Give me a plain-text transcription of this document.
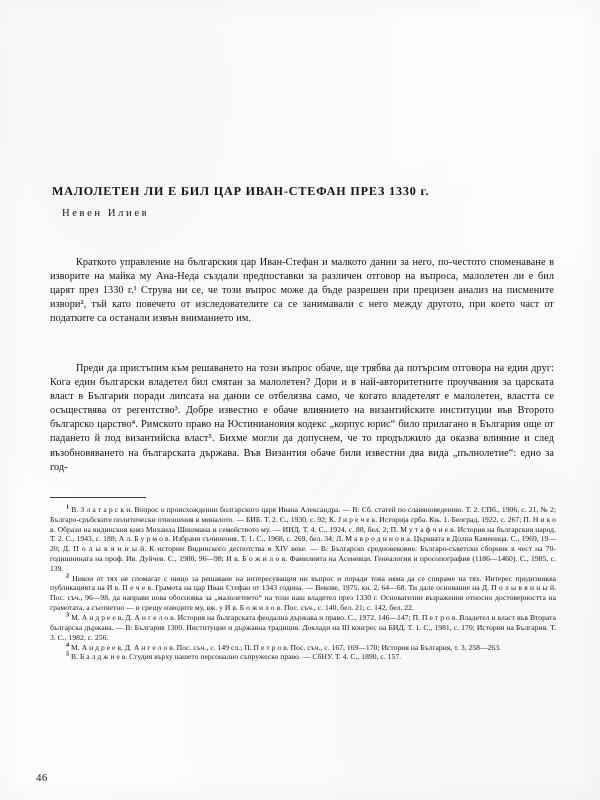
МАЛОЛЕТЕН ЛИ Е БИЛ ЦАР ИВАН-СТЕФАН ПРЕЗ 1330 г.
Невен Илиев

Краткото управление на българския цар Иван-Стефан и малкото данни за него, по-честото споменаване в изворите на майка му Ана-Неда създали предпоставки за различен отговор на въпроса, малолетен ли е бил царят през 1330 г.¹ Струва ни се, че този въпрос може да бъде разрешен при прецизен анализ на писмените извори², тъй като повечето от изследователите са се занимавали с него между другото, при което част от податките са останали извън вниманието им.

Преди да пристъпим към решаването на този въпрос обаче, ще трябва да потърсим отговора на един друг: Кога един български владетел бил смятан за малолетен? Дори и в най-авторитетните проучвания за царската власт в България поради липсата на данни се отбелязва само, че когато владетелят е малолетен, властта се осъществява от регентство³. Добре известно е обаче влиянието на византийските институции във Второто българско царство⁴. Римското право на Юстиниановия кодекс „корпус юрис“ било прилагано в България още от падането й под византийска власт⁵. Бихме могли да допуснем, че то продължило да оказва влияние и след възобновяването на българската държава. Във Византия обаче били известни два вида „пълнолетие“: едно за год-

$^1$ В. З л а т а р с к и. Вопрос о происхождении болгарского царя Ивана Александра. — В: Сб. статей по славяноведению. Т. 2. СПб., 1906, с. 21, № 2; Българо-сръбските политически отношения в миналото. — БИБ. Т. 2. С., 1930, с. 92; К. J и р е ч е к. Историја срба. Књ. 1. Београд, 1922, с. 267; П. Н и к о в. Образи на видинския княз Михаила Шишмана и семейството му. — ИИД. Т. 4. С., 1924, с. 88, бел. 2; П. М у т а ф ч и е в. История на българския народ. Т. 2. С., 1943, с. 188; А л. Б у р м о в. Избрани съчинения. Т. 1. С., 1968, с. 269, бел. 34; Л. М а в р о д и н о в а. Църквата в Долна Каменица. С., 1969, 19—20; Д. П о л ы в я н н ы й. К истории Видинского деспотства в XIV веке. — В: Българско средновековие. Българо-съветски сборник в чест на 70-годишнината на проф. Ив. Дуйчев. С., 1980, 96—98; И в. Б о ж и л о в. Фамилията на Асеневци. Генеалогия и просопография (1186—1460). С., 1985, с. 139.
$^2$ Никои от тях не спомагат с нищо за решаване на интересуващия ни въпрос и поради това няма да се спираме на тях. Интерес предизвиква публикацията на И в. П е ч е в. Грамота на цар Иван Стефан от 1343 година. — Векове, 1975, кн. 2, 64—68. Ти дале основание на Д. П о л ы в я н н ы й. Пос. съч., 96—98, да направи нова обосновка за „малолетието“ на този наш владетел през 1330 г. Основателни възражения относно достоверността на грамотата, а съответно — и срещу изводите му, вж. у И в. Б о ж и л о в. Пос. съч., с. 140, бел. 21; с. 142, бел. 22.
$^3$ М. А н д р е е в, Д. А н г е л о в. История на българската феодална държава и право. С., 1972, 146—147; П. П е т р о в. Владетел и власт във Втората българска държава. — В: България 1300. Институции и държавна традиция. Доклади на III конгрес на БИД. Т. 1. С., 1981, с. 170; История на България. Т. 3. С., 1982, с. 256.
$^4$ М. А н д р е е в, Д. А н г е л о в. Пос. съч., с. 149 сл.; П. П е т р о в. Пос. съч., с. 167, 169—170; История на България, т. 3, 258—263.
$^5$ В. Б а л д ж и е в. Студия върху нашето персонално съпружеско право. — СбНУ. Т. 4. С., 1890, с. 157.
46
